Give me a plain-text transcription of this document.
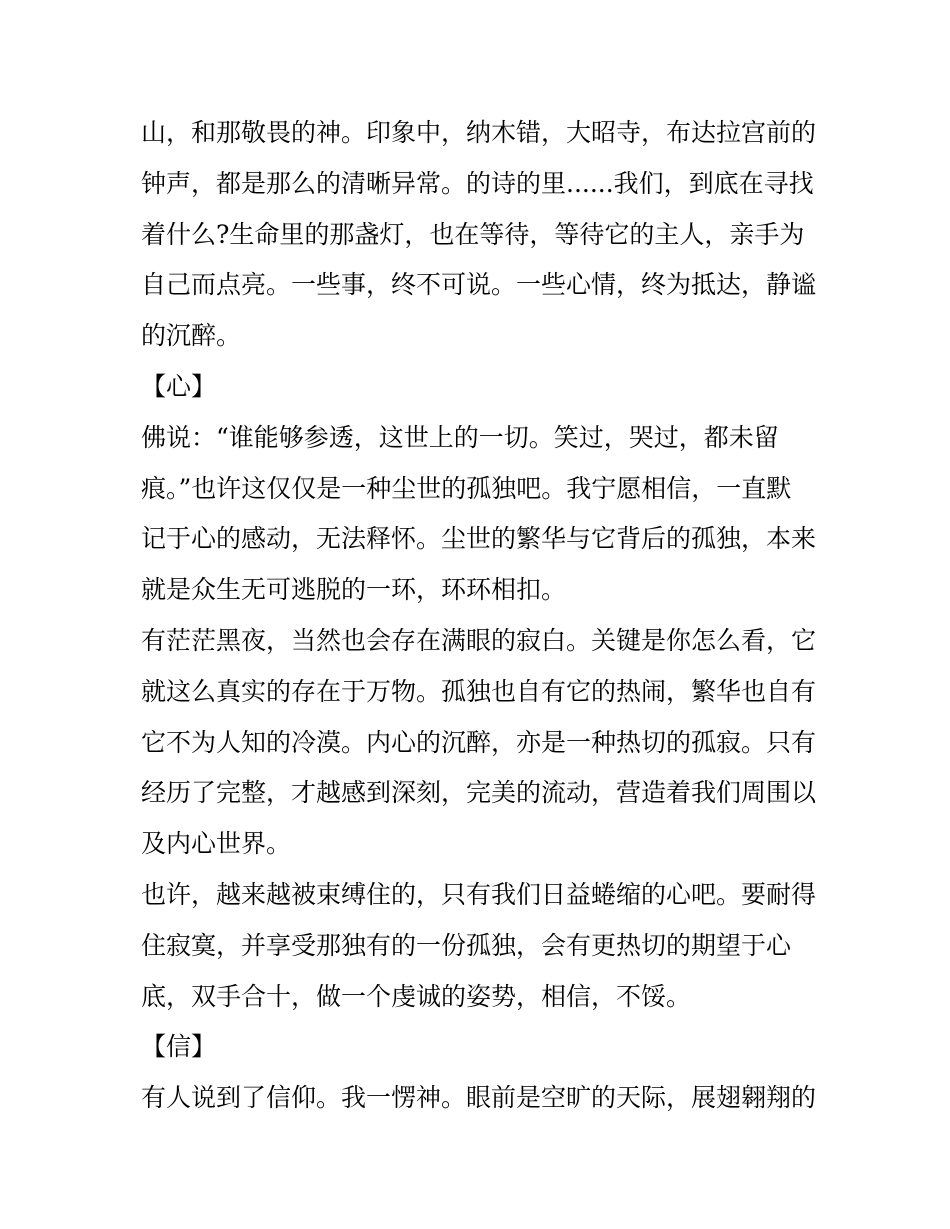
山，和那敬畏的神。印象中，纳木错，大昭寺，布达拉宫前的
钟声，都是那么的清晰异常。的诗的里......我们，到底在寻找
着什么?生命里的那盏灯，也在等待，等待它的主人，亲手为
自己而点亮。一些事，终不可说。一些心情，终为抵达，静谧
的沉醉。
【心】
佛说：“谁能够参透，这世上的一切。笑过，哭过，都未留
痕。”也许这仅仅是一种尘世的孤独吧。我宁愿相信，一直默
记于心的感动，无法释怀。尘世的繁华与它背后的孤独，本来
就是众生无可逃脱的一环，环环相扣。
有茫茫黑夜，当然也会存在满眼的寂白。关键是你怎么看，它
就这么真实的存在于万物。孤独也自有它的热闹，繁华也自有
它不为人知的冷漠。内心的沉醉，亦是一种热切的孤寂。只有
经历了完整，才越感到深刻，完美的流动，营造着我们周围以
及内心世界。
也许，越来越被束缚住的，只有我们日益蜷缩的心吧。要耐得
住寂寞，并享受那独有的一份孤独，会有更热切的期望于心
底，双手合十，做一个虔诚的姿势，相信，不馁。
【信】
有人说到了信仰。我一愣神。眼前是空旷的天际，展翅翱翔的
